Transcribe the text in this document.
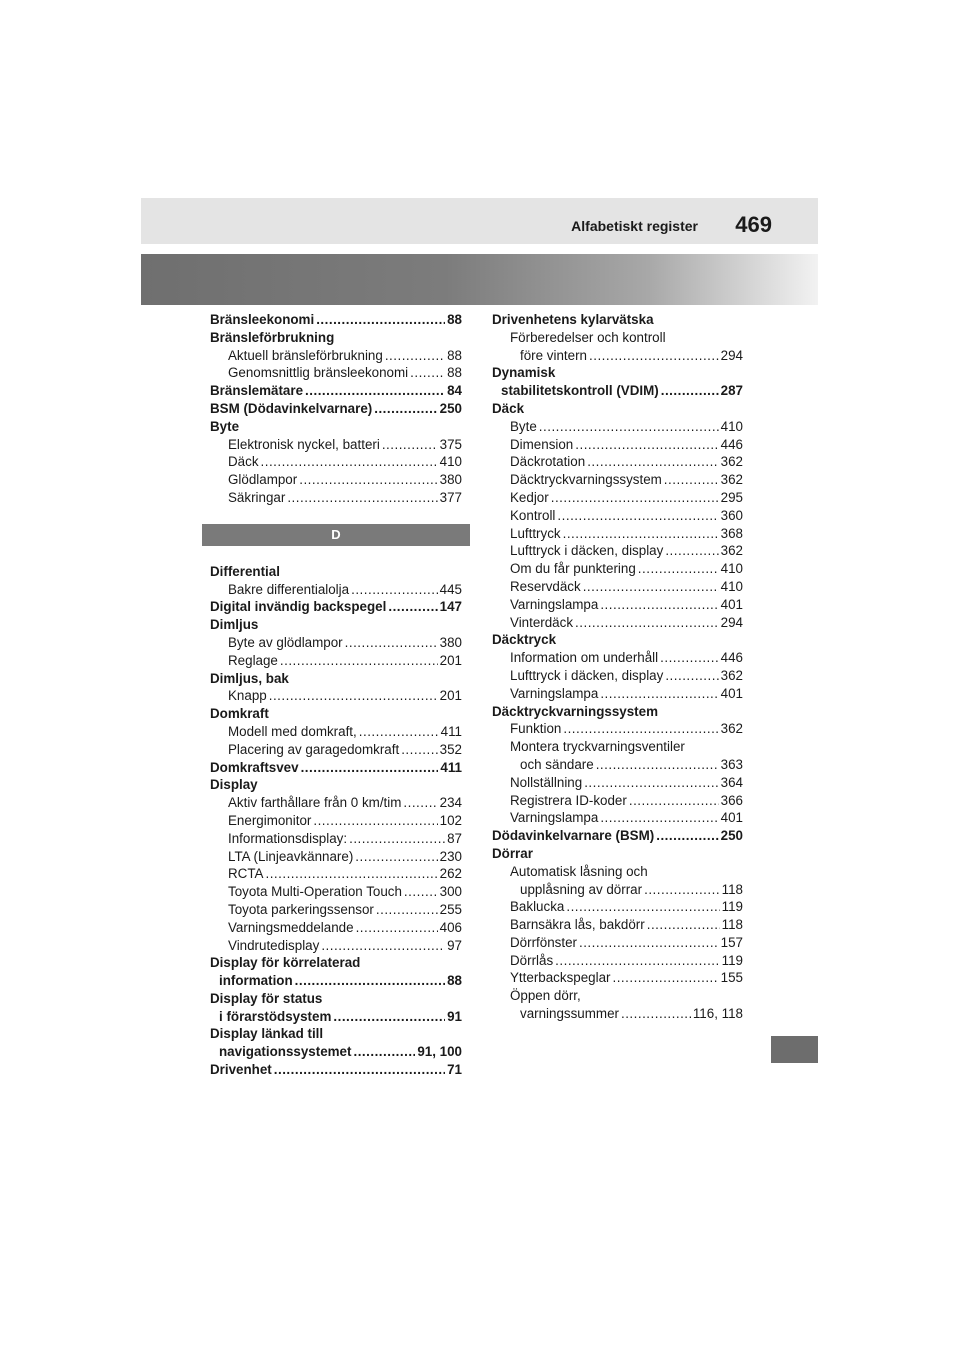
Alfabetiskt register 469
Bränsleekonomi .....	88
Bränsleförbrukning
Aktuell bränsleförbrukning .....	88
Genomsnittlig bränsleekonomi .....	88
Bränslemätare .....	84
BSM (Dödavinkelvarnare) .....	250
Byte
Elektronisk nyckel, batteri .....	375
Däck .....	410
Glödlampor .....	380
Säkringar .....	377
D
Differential
Bakre differentialolja .....	445
Digital invändig backspegel .....	147
Dimljus
Byte av glödlampor .....	380
Reglage .....	201
Dimljus, bak
Knapp .....	201
Domkraft
Modell med domkraft, .....	411
Placering av garagedomkraft .....	352
Domkraftsvev .....	411
Display
Aktiv farthållare från 0 km/tim .....	234
Energimonitor .....	102
Informationsdisplay: .....	87
LTA (Linjeavkännare) .....	230
RCTA .....	262
Toyota Multi-Operation Touch .....	300
Toyota parkeringssensor .....	255
Varningsmeddelande .....	406
Vindrutedisplay .....	97
Display för körrelaterad
information .....	88
Display för status
i förarstödsystem .....	91
Display länkad till
navigationssystemet .....	91, 100
Drivenhet .....	71
Drivenhetens kylarvätska
Förberedelser och kontroll
före vintern .....	294
Dynamisk
stabilitetskontroll (VDIM) .....	287
Däck
Byte .....	410
Dimension .....	446
Däckrotation .....	362
Däcktryckvarningssystem .....	362
Kedjor .....	295
Kontroll .....	360
Lufttryck .....	368
Lufttryck i däcken, display .....	362
Om du får punktering .....	410
Reservdäck .....	410
Varningslampa .....	401
Vinterdäck .....	294
Däcktryck
Information om underhåll .....	446
Lufttryck i däcken, display .....	362
Varningslampa .....	401
Däcktryckvarningssystem
Funktion .....	362
Montera tryckvarningsventiler
och sändare .....	363
Nollställning .....	364
Registrera ID-koder .....	366
Varningslampa .....	401
Dödavinkelvarnare (BSM) .....	250
Dörrar
Automatisk låsning och
upplåsning av dörrar .....	118
Baklucka .....	119
Barnsäkra lås, bakdörr .....	118
Dörrfönster .....	157
Dörrlås .....	119
Ytterbackspeglar .....	155
Öppen dörr,
varningssummer .....	116, 118
